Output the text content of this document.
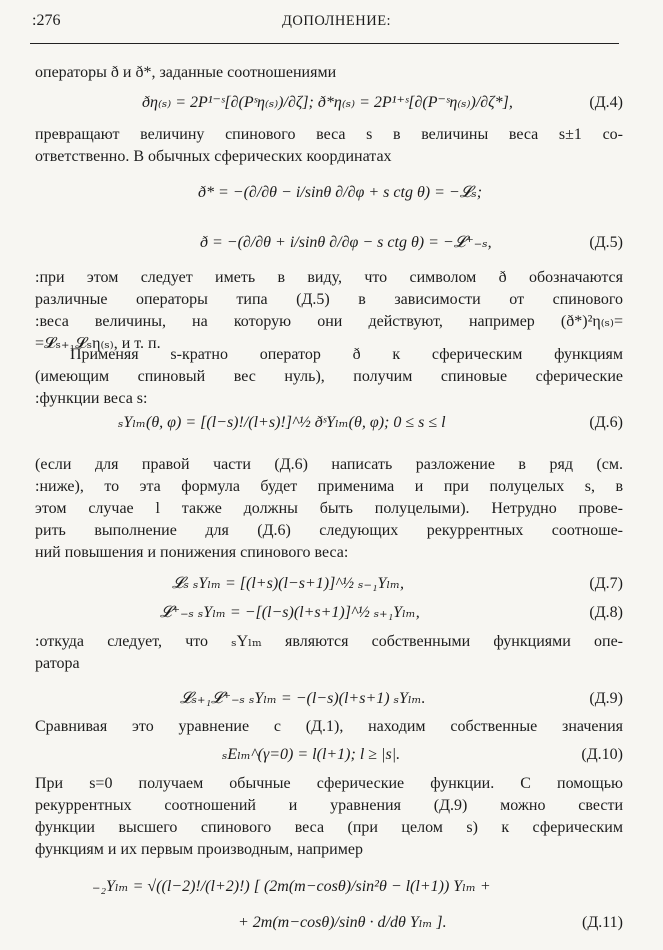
:276	ДОПОЛНЕНИЕ:
операторы ð и ð*, заданные соотношениями
ðη₍ₛ₎ = 2P¹⁻ˢ[∂(Pˢη₍ₛ₎)/∂ζ]; ð*η₍ₛ₎ = 2P¹⁺ˢ[∂(P⁻ˢη₍ₛ₎)/∂ζ*],	(Д.4)
превращают величину спинового веса s в величины веса s±1 со-
ответственно. В обычных сферических координатах
ð* = −(∂/∂θ − i/sinθ ∂/∂φ + s ctg θ) = −𝓛ₛ;
ð = −(∂/∂θ + i/sinθ ∂/∂φ − s ctg θ) = −𝓛⁺₋ₛ,	(Д.5)
:при этом следует иметь в виду, что символом ð обозначаются
различные операторы типа (Д.5) в зависимости от спинового
:веса величины, на которую они действуют, например (ð*)²η₍ₛ₎=
=𝓛ₛ₊₁𝓛ₛη₍ₛ₎, и т. п.
Применяя s-кратно оператор ð к сферическим функциям
(имеющим спиновый вес нуль), получим спиновые сферические
:функции веса s:
ₛYₗₘ(θ, φ) = [(l−s)!/(l+s)!]^½ ðˢYₗₘ(θ, φ); 0 ≤ s ≤ l	(Д.6)
(если для правой части (Д.6) написать разложение в ряд (см.
:ниже), то эта формула будет применима и при полуцелых s, в
этом случае l также должны быть полуцелыми). Нетрудно прове-
рить выполнение для (Д.6) следующих рекуррентных соотноше-
ний повышения и понижения спинового веса:
𝓛ₛ ₛYₗₘ = [(l+s)(l−s+1)]^½ ₛ₋₁Yₗₘ,	(Д.7)
𝓛⁺₋ₛ ₛYₗₘ = −[(l−s)(l+s+1)]^½ ₛ₊₁Yₗₘ,	(Д.8)
:откуда следует, что ₛYₗₘ являются собственными функциями опе-
ратора
𝓛ₛ₊₁𝓛⁺₋ₛ ₛYₗₘ = −(l−s)(l+s+1) ₛYₗₘ.	(Д.9)
Сравнивая это уравнение с (Д.1), находим собственные значения
ₛEₗₘ^(γ=0) = l(l+1); l ≥ |s|.	(Д.10)
При s=0 получаем обычные сферические функции. С помощью
рекуррентных соотношений и уравнения (Д.9) можно свести
функции высшего спинового веса (при целом s) к сферическим
функциям и их первым производным, например
₋₂Yₗₘ = √((l−2)!/(l+2)!) [ (2m(m−cosθ)/sin²θ − l(l+1)) Yₗₘ +
+ 2m(m−cosθ)/sinθ · d/dθ Yₗₘ ].	(Д.11)
